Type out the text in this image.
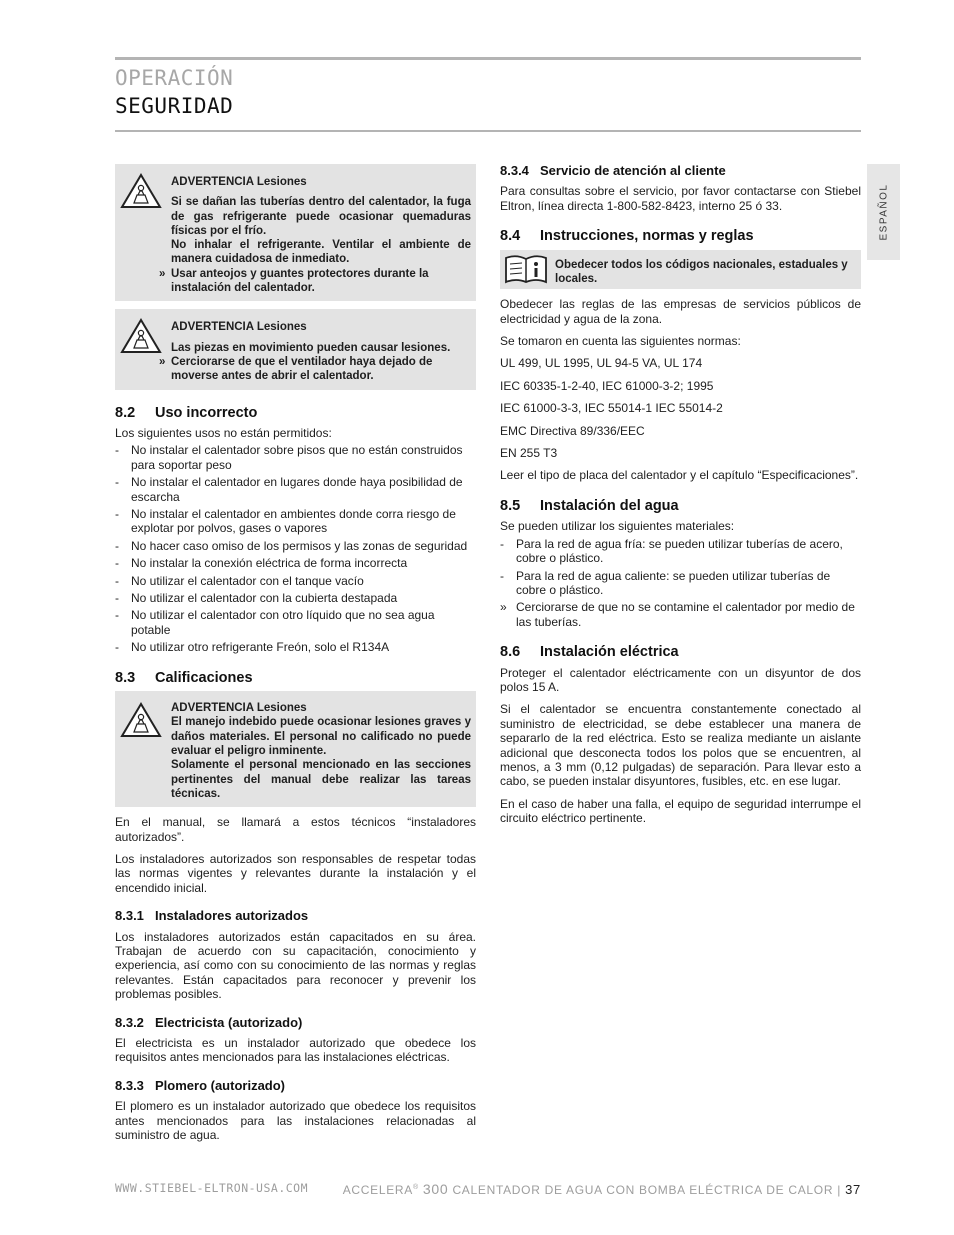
OPERACIÓN
SEGURIDAD
ESPAÑOL
ADVERTENCIA Lesiones
Si se dañan las tuberías dentro del calentador, la fuga de gas refrigerante puede ocasionar quemaduras físicas por el frío.
No inhalar el refrigerante. Ventilar el ambiente de manera cuidadosa de inmediato.
» Usar anteojos y guantes protectores durante la instalación del calentador.
ADVERTENCIA Lesiones
Las piezas en movimiento pueden causar lesiones.
» Cerciorarse de que el ventilador haya dejado de moverse antes de abrir el calentador.
8.2 Uso incorrecto
Los siguientes usos no están permitidos:
- No instalar el calentador sobre pisos que no están construidos para soportar peso
- No instalar el calentador en lugares donde haya posibilidad de escarcha
- No instalar el calentador en ambientes donde corra riesgo de explotar por polvos, gases o vapores
- No hacer caso omiso de los permisos y las zonas de seguridad
- No instalar la conexión eléctrica de forma incorrecta
- No utilizar el calentador con el tanque vacío
- No utilizar el calentador con la cubierta destapada
- No utilizar el calentador con otro líquido que no sea agua potable
- No utilizar otro refrigerante Freón, solo el R134A
8.3 Calificaciones
ADVERTENCIA Lesiones
El manejo indebido puede ocasionar lesiones graves y daños materiales. El personal no calificado no puede evaluar el peligro inminente.
Solamente el personal mencionado en las secciones pertinentes del manual debe realizar las tareas técnicas.

En el manual, se llamará a estos técnicos “instaladores autorizados”.

Los instaladores autorizados son responsables de respetar todas las normas vigentes y relevantes durante la instalación y el encendido inicial.

8.3.1 Instaladores autorizados

Los instaladores autorizados están capacitados en su área. Trabajan de acuerdo con su capacitación, conocimiento y experiencia, así como con su conocimiento de las normas y reglas relevantes. Están capacitados para reconocer y prevenir los problemas posibles.

8.3.2 Electricista (autorizado)

El electricista es un instalador autorizado que obedece los requisitos antes mencionados para las instalaciones eléctricas.

8.3.3 Plomero (autorizado)

El plomero es un instalador autorizado que obedece los requisitos antes mencionados para las instalaciones relacionadas al suministro de agua.

8.3.4 Servicio de atención al cliente

Para consultas sobre el servicio, por favor contactarse con Stiebel Eltron, línea directa 1-800-582-8423, interno 25 ó 33.

8.4 Instrucciones, normas y reglas
Obedecer todos los códigos nacionales, estaduales y locales.

Obedecer las reglas de las empresas de servicios públicos de electricidad y agua de la zona.

Se tomaron en cuenta las siguientes normas:

UL 499, UL 1995, UL 94-5 VA, UL 174
IEC 60335-1-2-40, IEC 61000-3-2; 1995
IEC 61000-3-3, IEC 55014-1 IEC 55014-2
EMC Directiva 89/336/EEC
EN 255 T3

Leer el tipo de placa del calentador y el capítulo “Especificaciones”.

8.5 Instalación del agua
Se pueden utilizar los siguientes materiales:
- Para la red de agua fría: se pueden utilizar tuberías de acero, cobre o plástico.
- Para la red de agua caliente: se pueden utilizar tuberías de cobre o plástico.
» Cerciorarse de que no se contamine el calentador por medio de las tuberías.
8.6 Instalación eléctrica

Proteger el calentador eléctricamente con un disyuntor de dos polos 15 A.

Si el calentador se encuentra constantemente conectado al suministro de electricidad, se debe establecer una manera de separarlo de la red eléctrica. Esto se realiza mediante un aislante adicional que desconecta todos los polos que se encuentren, al menos, a 3 mm (0,12 pulgadas) de separación. Para llevar esto a cabo, se pueden instalar disyuntores, fusibles, etc. en ese lugar.

En el caso de haber una falla, el equipo de seguridad interrumpe el circuito eléctrico pertinente.

WWW.STIEBEL-ELTRON-USA.COM	ACCELERA® 300 CALENTADOR DE AGUA CON BOMBA ELÉCTRICA DE CALOR | 37
